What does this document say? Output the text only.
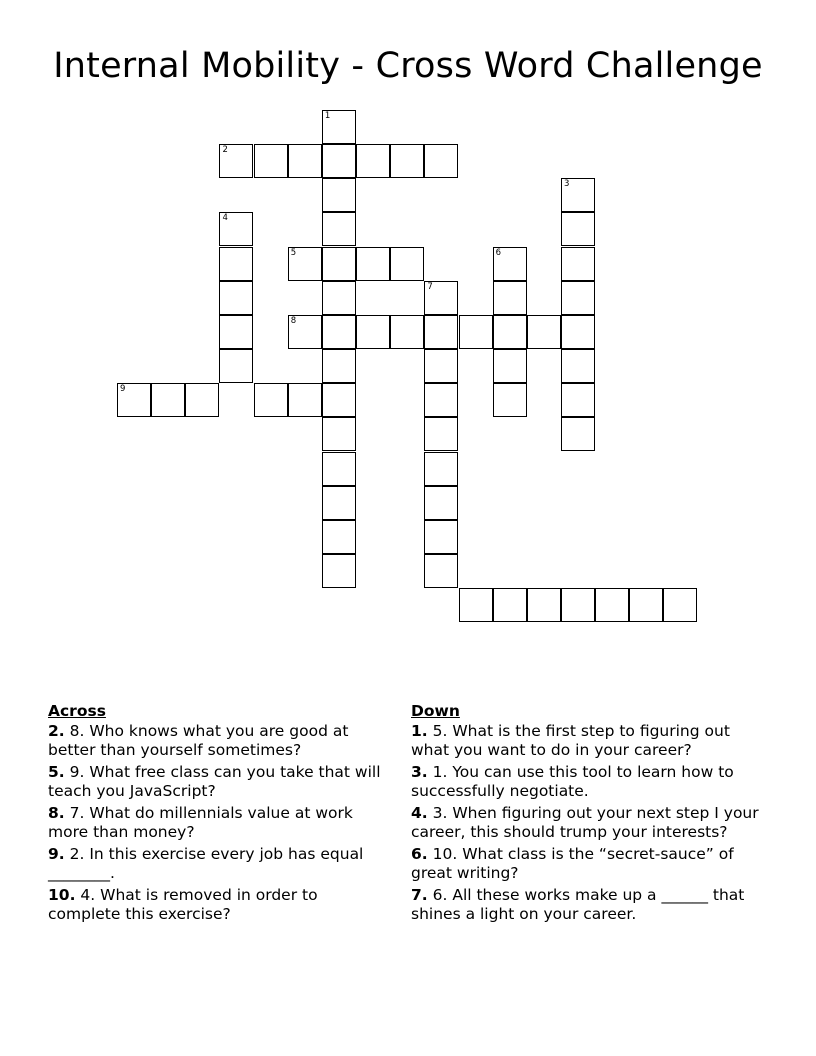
Internal Mobility - Cross Word Challenge
1
2
3
4
5	6
7
8
9
Across
2. 8. Who knows what you are good at better than yourself sometimes?
5. 9. What free class can you take that will teach you JavaScript?
8. 7. What do millennials value at work more than money?
9. 2. In this exercise every job has equal ________.
10. 4. What is removed in order to complete this exercise?
Down
1. 5. What is the first step to figuring out what you want to do in your career?
3. 1. You can use this tool to learn how to successfully negotiate.
4. 3. When figuring out your next step I your career, this should trump your interests?
6. 10. What class is the “secret-sauce” of great writing?
7. 6. All these works make up a ______ that shines a light on your career.
